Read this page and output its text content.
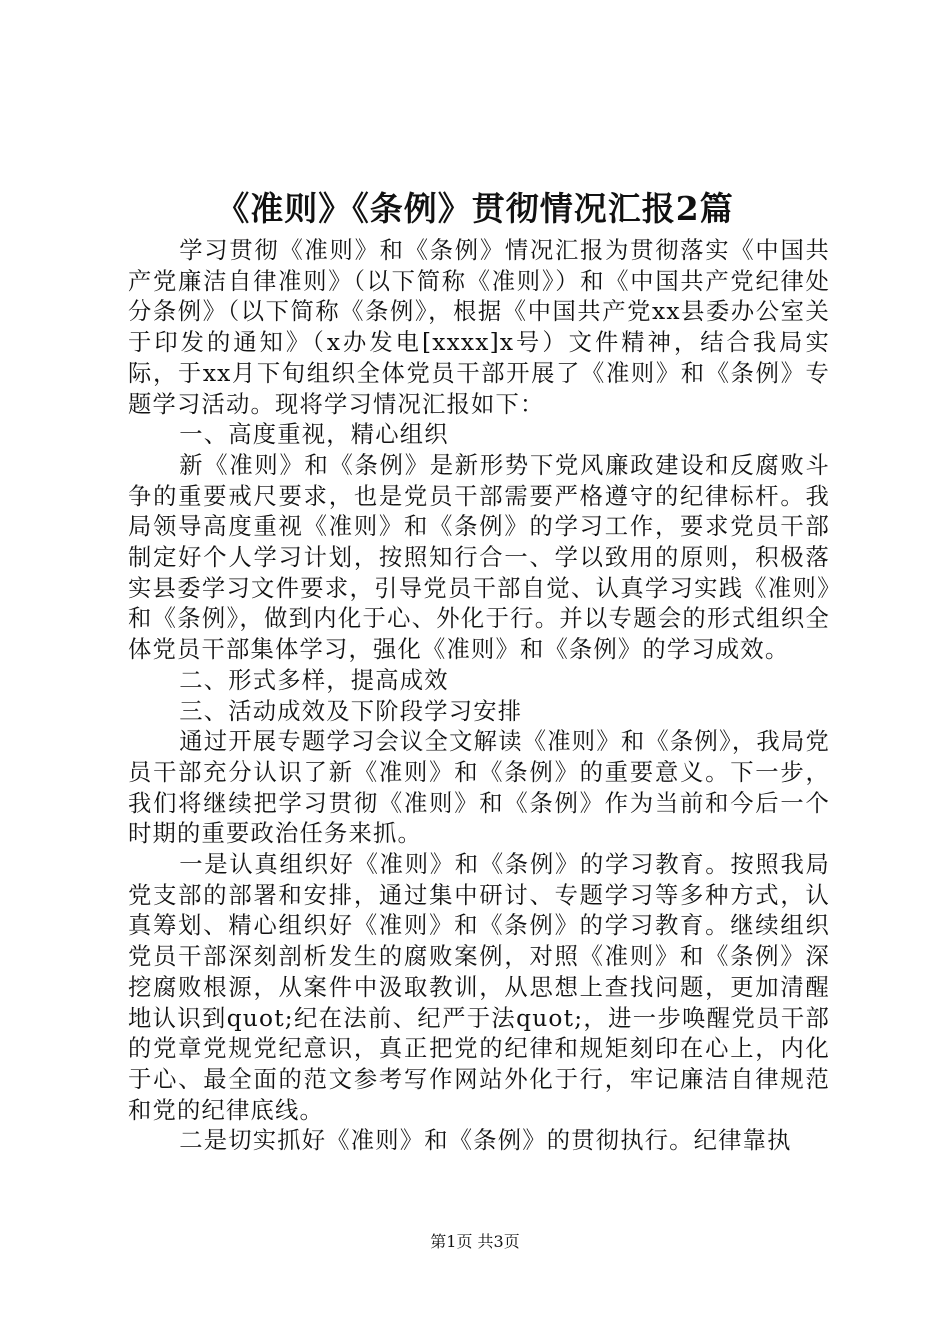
《准则》《条例》贯彻情况汇报2篇

学习贯彻《准则》和《条例》情况汇报为贯彻落实《中国共产党廉洁自律准则》（以下简称《准则》）和《中国共产党纪律处分条例》（以下简称《条例》，根据《中国共产党xx县委办公室关于印发的通知》（x办发电[xxxx]x号）文件精神，结合我局实际，于xx月下旬组织全体党员干部开展了《准则》和《条例》专题学习活动。现将学习情况汇报如下：

一、高度重视，精心组织

新《准则》和《条例》是新形势下党风廉政建设和反腐败斗争的重要戒尺要求，也是党员干部需要严格遵守的纪律标杆。我局领导高度重视《准则》和《条例》的学习工作，要求党员干部制定好个人学习计划，按照知行合一、学以致用的原则，积极落实县委学习文件要求，引导党员干部自觉、认真学习实践《准则》和《条例》，做到内化于心、外化于行。并以专题会的形式组织全体党员干部集体学习，强化《准则》和《条例》的学习成效。

二、形式多样，提高成效

三、活动成效及下阶段学习安排

通过开展专题学习会议全文解读《准则》和《条例》，我局党员干部充分认识了新《准则》和《条例》的重要意义。下一步，我们将继续把学习贯彻《准则》和《条例》作为当前和今后一个时期的重要政治任务来抓。

一是认真组织好《准则》和《条例》的学习教育。按照我局党支部的部署和安排，通过集中研讨、专题学习等多种方式，认真筹划、精心组织好《准则》和《条例》的学习教育。继续组织党员干部深刻剖析发生的腐败案例，对照《准则》和《条例》深挖腐败根源，从案件中汲取教训，从思想上查找问题，更加清醒地认识到quot;纪在法前、纪严于法quot;，进一步唤醒党员干部的党章党规党纪意识，真正把党的纪律和规矩刻印在心上，内化于心、最全面的范文参考写作网站外化于行，牢记廉洁自律规范和党的纪律底线。

二是切实抓好《准则》和《条例》的贯彻执行。纪律靠执

第1页 共3页
